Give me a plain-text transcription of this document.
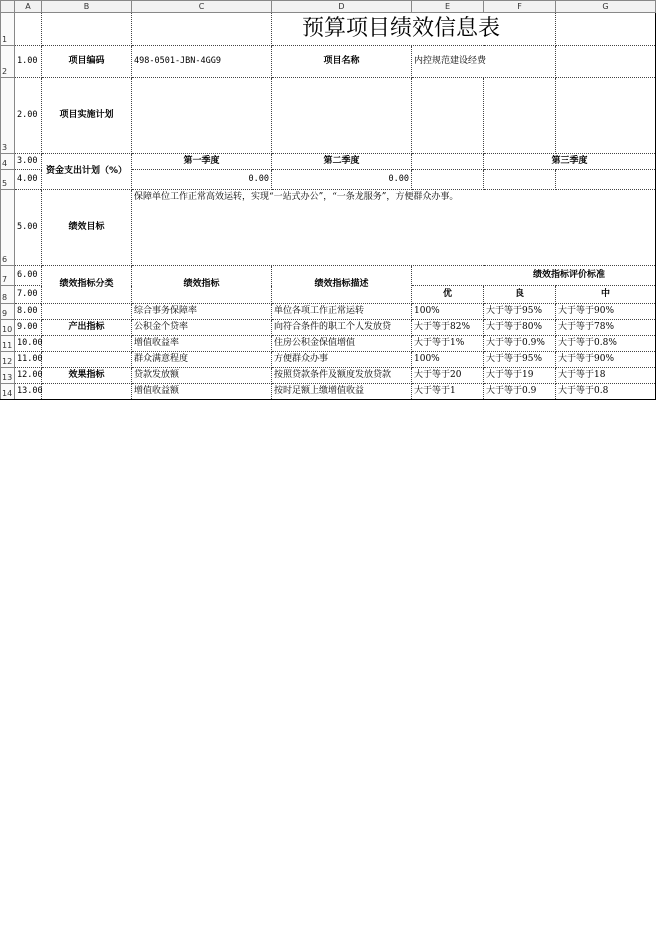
	A	B	C	D	E	F	G
1				预算项目绩效信息表			
2	1.00	项目编码	498-0501-JBN-4GG9	项目名称	内控规范建设经费		
3	2.00	项目实施计划					
4	3.00	资金支出计划（%）	第一季度	第二季度		第三季度	
5	4.00		0.00	0.00			
6	5.00	绩效目标	保障单位工作正常高效运转，实现“一站式办公”，“一条龙服务”，方便群众办事。				
7	6.00	绩效指标分类	绩效指标	绩效指标描述	绩效指标评价标准		
8	7.00				优	良	中
9	8.00		综合事务保障率	单位各项工作正常运转	100%	大于等于95%	大于等于90%
10	9.00	产出指标	公积金个贷率	向符合条件的职工个人发放贷	大于等于82%	大于等于80%	大于等于78%
11	10.00		增值收益率	住房公积金保值增值	大于等于1%	大于等于0.9%	大于等于0.8%
12	11.00		群众满意程度	方便群众办事	100%	大于等于95%	大于等于90%
13	12.00	效果指标	贷款发放额	按照贷款条件及额度发放贷款	大于等于20	大于等于19	大于等于18
14	13.00		增值收益额	按时足额上缴增值收益	大于等于1	大于等于0.9	大于等于0.8
